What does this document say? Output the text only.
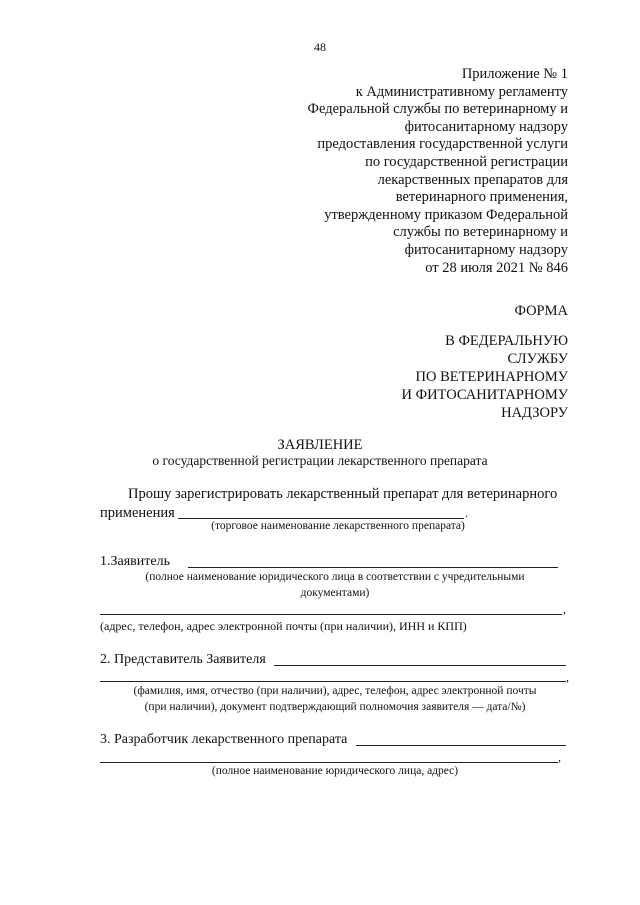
48
Приложение № 1
к Административному регламенту
Федеральной службы по ветеринарному и
фитосанитарному надзору
предоставления государственной услуги
по государственной регистрации
лекарственных препаратов для
ветеринарного применения,
утвержденному приказом Федеральной
службы по ветеринарному и
фитосанитарному надзору
от 28 июля 2021 № 846
ФОРМА
В ФЕДЕРАЛЬНУЮ
СЛУЖБУ
ПО ВЕТЕРИНАРНОМУ
И ФИТОСАНИТАРНОМУ
НАДЗОРУ
ЗАЯВЛЕНИЕ
о государственной регистрации лекарственного препарата
Прошу зарегистрировать лекарственный препарат для ветеринарного
применения	.
(торговое наименование лекарственного препарата)
1.Заявитель
(полное наименование юридического лица в соответствии с учредительными
документами)
,
(адрес, телефон, адрес электронной почты (при наличии), ИНН и КПП)
2. Представитель Заявителя
,
(фамилия, имя, отчество (при наличии), адрес, телефон, адрес электронной почты
(при наличии), документ подтверждающий полномочия заявителя — дата/№)
3. Разработчик лекарственного препарата
,
(полное наименование юридического лица, адрес)
